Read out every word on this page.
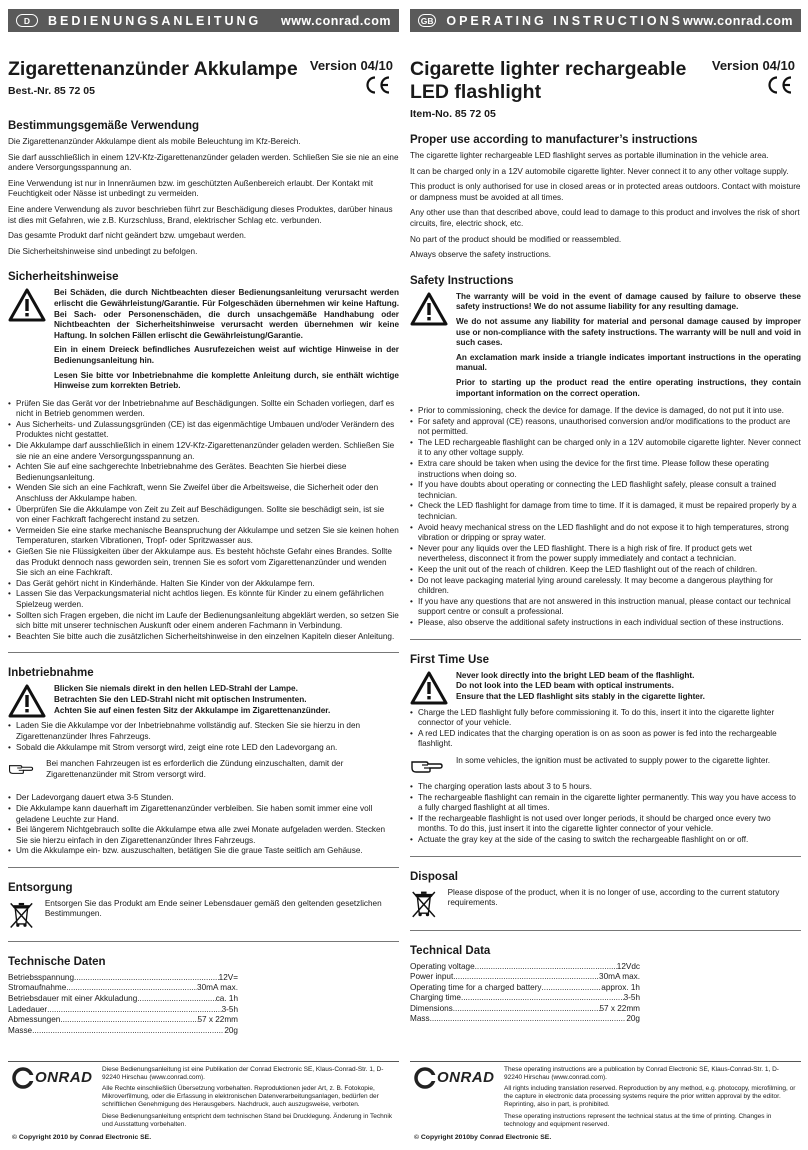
D	BEDIENUNGSANLEITUNG www.conrad.com
Zigarettenanzünder Akkulampe Version 04/10
Best.-Nr. 85 72 05
Bestimmungsgemäße Verwendung

Die Zigarettenanzünder Akkulampe dient als mobile Beleuchtung im Kfz-Bereich.

Sie darf ausschließlich in einem 12V-Kfz-Zigarettenanzünder geladen werden. Schließen Sie sie nie an eine andere Versorgungsspannung an.

Eine Verwendung ist nur in Innenräumen bzw. im geschützten Außenbereich erlaubt. Der Kontakt mit Feuchtigkeit oder Nässe ist unbedingt zu vermeiden.

Eine andere Verwendung als zuvor beschrieben führt zur Beschädigung dieses Produktes, darüber hinaus ist dies mit Gefahren, wie z.B. Kurzschluss, Brand, elektrischer Schlag etc. verbunden.

Das gesamte Produkt darf nicht geändert bzw. umgebaut werden.

Die Sicherheitshinweise sind unbedingt zu befolgen.

Sicherheitshinweise

Bei Schäden, die durch Nichtbeachten dieser Bedienungsanleitung verursacht werden erlischt die Gewährleistung/Garantie. Für Folgeschäden übernehmen wir keine Haftung. Bei Sach- oder Personenschäden, die durch unsachgemäße Handhabung oder Nichtbeachten der Sicherheitshinweise verursacht werden übernehmen wir keine Haftung. In solchen Fällen erlischt die Gewährleistung/Garantie.

Ein in einem Dreieck befindliches Ausrufezeichen weist auf wichtige Hinweise in der Bedienungsanleitung hin.

Lesen Sie bitte vor Inbetriebnahme die komplette Anleitung durch, sie enthält wichtige Hinweise zum korrekten Betrieb.

• Prüfen Sie das Gerät vor der Inbetriebnahme auf Beschädigungen. Sollte ein Schaden vorliegen, darf es nicht in Betrieb genommen werden.
• Aus Sicherheits- und Zulassungsgründen (CE) ist das eigenmächtige Umbauen und/oder Verändern des Produktes nicht gestattet.
• Die Akkulampe darf ausschließlich in einem 12V-Kfz-Zigarettenanzünder geladen werden. Schließen Sie sie nie an eine andere Versorgungsspannung an.
• Achten Sie auf eine sachgerechte Inbetriebnahme des Gerätes. Beachten Sie hierbei diese Bedienungsanleitung.
• Wenden Sie sich an eine Fachkraft, wenn Sie Zweifel über die Arbeitsweise, die Sicherheit oder den Anschluss der Akkulampe haben.
• Überprüfen Sie die Akkulampe von Zeit zu Zeit auf Beschädigungen. Sollte sie beschädigt sein, ist sie von einer Fachkraft fachgerecht instand zu setzen.
• Vermeiden Sie eine starke mechanische Beanspruchung der Akkulampe und setzen Sie sie keinen hohen Temperaturen, starken Vibrationen, Tropf- oder Spritzwasser aus.
• Gießen Sie nie Flüssigkeiten über der Akkulampe aus. Es besteht höchste Gefahr eines Brandes. Sollte das Produkt dennoch nass geworden sein, trennen Sie es sofort vom Zigarettenanzünder und wenden Sie sich an eine Fachkraft.
• Das Gerät gehört nicht in Kinderhände. Halten Sie Kinder von der Akkulampe fern.
• Lassen Sie das Verpackungsmaterial nicht achtlos liegen. Es könnte für Kinder zu einem gefährlichen Spielzeug werden.
• Sollten sich Fragen ergeben, die nicht im Laufe der Bedienungsanleitung abgeklärt werden, so setzen Sie sich bitte mit unserer technischen Auskunft oder einem anderen Fachmann in Verbindung.
• Beachten Sie bitte auch die zusätzlichen Sicherheitshinweise in den einzelnen Kapiteln dieser Anleitung.
Inbetriebnahme

Blicken Sie niemals direkt in den hellen LED-Strahl der Lampe.

Betrachten Sie den LED-Strahl nicht mit optischen Instrumenten.

Achten Sie auf einen festen Sitz der Akkulampe im Zigarettenanzünder.

• Laden Sie die Akkulampe vor der Inbetriebnahme vollständig auf. Stecken Sie sie hierzu in den Zigarettenanzünder Ihres Fahrzeugs.
• Sobald die Akkulampe mit Strom versorgt wird, zeigt eine rote LED den Ladevorgang an.

Bei manchen Fahrzeugen ist es erforderlich die Zündung einzuschalten, damit der Zigarettenanzünder mit Strom versorgt wird.

• Der Ladevorgang dauert etwa 3-5 Stunden.
• Die Akkulampe kann dauerhaft im Zigarettenanzünder verbleiben. Sie haben somit immer eine voll geladene Leuchte zur Hand.
• Bei längerem Nichtgebrauch sollte die Akkulampe etwa alle zwei Monate aufgeladen werden. Stecken Sie sie hierzu einfach in den Zigarettenanzünder Ihres Fahrzeugs.
• Um die Akkulampe ein- bzw. auszuschalten, betätigen Sie die graue Taste seitlich am Gehäuse.
Entsorgung

Entsorgen Sie das Produkt am Ende seiner Lebensdauer gemäß den geltenden gesetzlichen Bestimmungen.

Technische Daten
Betriebsspannung .....	12V=
Stromaufnahme .....	30mA max.
Betriebsdauer mit einer Akkuladung .....	ca. 1h
Ladedauer .....	3-5h
Abmessungen .....	57 x 22mm
Masse .....	20g
ONRAD Diese Bedienungsanleitung ist eine Publikation der Conrad Electronic SE, Klaus-Conrad-Str. 1, D-92240 Hirschau (www.conrad.com).

Alle Rechte einschließlich Übersetzung vorbehalten. Reproduktionen jeder Art, z. B. Fotokopie, Mikroverfilmung, oder die Erfassung in elektronischen Datenverarbeitungsanlagen, bedürfen der schriftlichen Genehmigung des Herausgebers. Nachdruck, auch auszugsweise, verboten.

Diese Bedienungsanleitung entspricht dem technischen Stand bei Drucklegung. Änderung in Technik und Ausstattung vorbehalten.

© Copyright 2010 by Conrad Electronic SE.
GB OPERATING INSTRUCTIONS www.conrad.com
Cigarette lighter rechargeable LED flashlight
Version 04/10
Item-No. 85 72 05
Proper use according to manufacturer’s instructions

The cigarette lighter rechargeable LED flashlight serves as portable illumination in the vehicle area.

It can be charged only in a 12V automobile cigarette lighter. Never connect it to any other voltage supply.

This product is only authorised for use in closed areas or in protected areas outdoors. Contact with moisture or dampness must be avoided at all times.

Any other use than that described above, could lead to damage to this product and involves the risk of short circuits, fire, electric shock, etc.

No part of the product should be modified or reassembled.

Always observe the safety instructions.

Safety Instructions

The warranty will be void in the event of damage caused by failure to observe these safety instructions! We do not assume liability for any resulting damage.

We do not assume any liability for material and personal damage caused by improper use or non-compliance with the safety instructions. The warranty will be null and void in such cases.

An exclamation mark inside a triangle indicates important instructions in the operating manual.

Prior to starting up the product read the entire operating instructions, they contain important information on the correct operation.

• Prior to commissioning, check the device for damage. If the device is damaged, do not put it into use.
• For safety and approval (CE) reasons, unauthorised conversion and/or modifications to the product are not permitted.
• The LED rechargeable flashlight can be charged only in a 12V automobile cigarette lighter. Never connect it to any other voltage supply.
• Extra care should be taken when using the device for the first time. Please follow these operating instructions when doing so.
• If you have doubts about operating or connecting the LED flashlight safely, please consult a trained technician.
• Check the LED flashlight for damage from time to time. If it is damaged, it must be repaired properly by a technician.
• Avoid heavy mechanical stress on the LED flashlight and do not expose it to high temperatures, strong vibration or dripping or spray water.
• Never pour any liquids over the LED flashlight. There is a high risk of fire. If product gets wet nevertheless, disconnect it from the power supply immediately and contact a technician.
• Keep the unit out of the reach of children. Keep the LED flashlight out of the reach of children.
• Do not leave packaging material lying around carelessly. It may become a dangerous plaything for children.
• If you have any questions that are not answered in this instruction manual, please contact our technical support centre or consult a professional.
• Please, also observe the additional safety instructions in each individual section of these instructions.
First Time Use

Never look directly into the bright LED beam of the flashlight.

Do not look into the LED beam with optical instruments.

Ensure that the LED flashlight sits stably in the cigarette lighter.

• Charge the LED flashlight fully before commissioning it. To do this, insert it into the cigarette lighter connector of your vehicle.
• A red LED indicates that the charging operation is on as soon as power is fed into the rechargeable flashlight.

In some vehicles, the ignition must be activated to supply power to the cigarette lighter.

• The charging operation lasts about 3 to 5 hours.
• The rechargeable flashlight can remain in the cigarette lighter permanently. This way you have access to a fully charged flashlight at all times.
• If the rechargeable flashlight is not used over longer periods, it should be charged once every two months. To do this, just insert it into the cigarette lighter connector of your vehicle.
• Actuate the gray key at the side of the casing to switch the rechargeable flashlight on or off.
Disposal

Please dispose of the product, when it is no longer of use, according to the current statutory requirements.

Technical Data
Operating voltage .....	12Vdc
Power input .....	30mA max.
Operating time for a charged battery .....	approx. 1h
Charging time .....	3-5h
Dimensions .....	57 x 22mm
Mass .....	20g
ONRAD These operating instructions are a publication by Conrad Electronic SE, Klaus-Conrad-Str. 1, D-92240 Hirschau (www.conrad.com).

All rights including translation reserved. Reproduction by any method, e.g. photocopy, microfilming, or the capture in electronic data processing systems require the prior written approval by the editor. Reprinting, also in part, is prohibited.

These operating instructions represent the technical status at the time of printing. Changes in technology and equipment reserved.

© Copyright 2010by Conrad Electronic SE.
